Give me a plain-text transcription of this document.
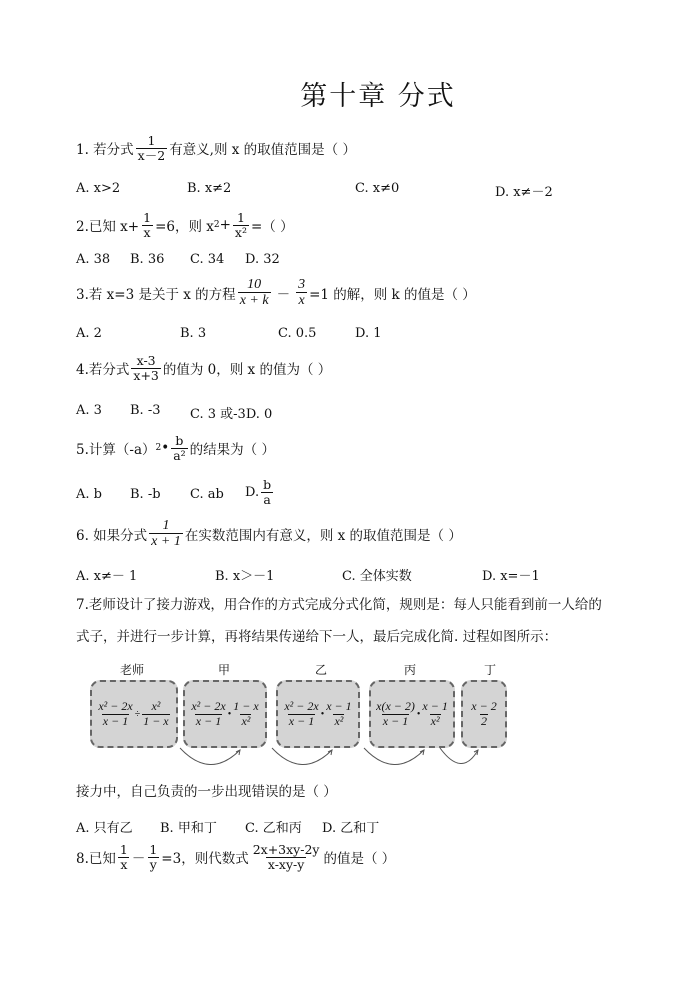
第十章 分式
1. 若分式 $\frac{1}{x-2}$ 有意义,则 x 的取值范围是（ ）
A. x>2	B. x≠2	C. x≠0	D. x≠－2
2.已知 $x+ \frac{1}{x} =6$，则 x $2 + \frac{1}{\text{x²}}$ =（ ）
A. 38 B. 36 C. 34 D. 32
3.若 x=3 是关于 x 的方程 $\frac{10}{x + k} - \frac{3}{x} =1$ 的解，则 k 的值是（ ）
A. 2	B. 3	C. 0.5	D. 1
4.若分式 $\frac{x-3}{x+3}$ 的值为 0，则 x 的值为（ ）
A. 3 B. -3 C. 3 或-3D. 0
5.计算（-a） 2 • $\frac{b}{\text{a²}}$ 的结果为（ ）
A. b B. -b C. ab D. $\frac{b}{a}$
6. 如果分式 $\frac{1}{x + 1}$ 在实数范围内有意义，则 x 的取值范围是（ ）
A. x≠－ 1	B. x＞－1	C. 全体实数	D. x=－1
7.老师设计了接力游戏，用合作的方式完成分式化简，规则是：每人只能看到前一人给的
式子，并进行一步计算，再将结果传递给下一人，最后完成化简. 过程如图所示：
老师	甲	乙	丙	丁
$\frac{\text{x² − 2x}}{x - 1} \div \frac{\text{x²}}{1 - x} x^2 - 2x$
x − 1 •
1 − x
x²
x² − 2x
x − 1 •
x − 1
x²
x(x − 2)
x − 1 •
x − 1
x²
x − 2
2
接力中，自己负责的一步出现错误的是（ ）
A. 只有乙 B. 甲和丁 C. 乙和丙 D. 乙和丁
8.已知 $\frac{1}{x} - \frac{1}{y} =3$，则代数式 $\frac{2x+3xy-2y}{x-xy-y}$ 的值是（ ）
